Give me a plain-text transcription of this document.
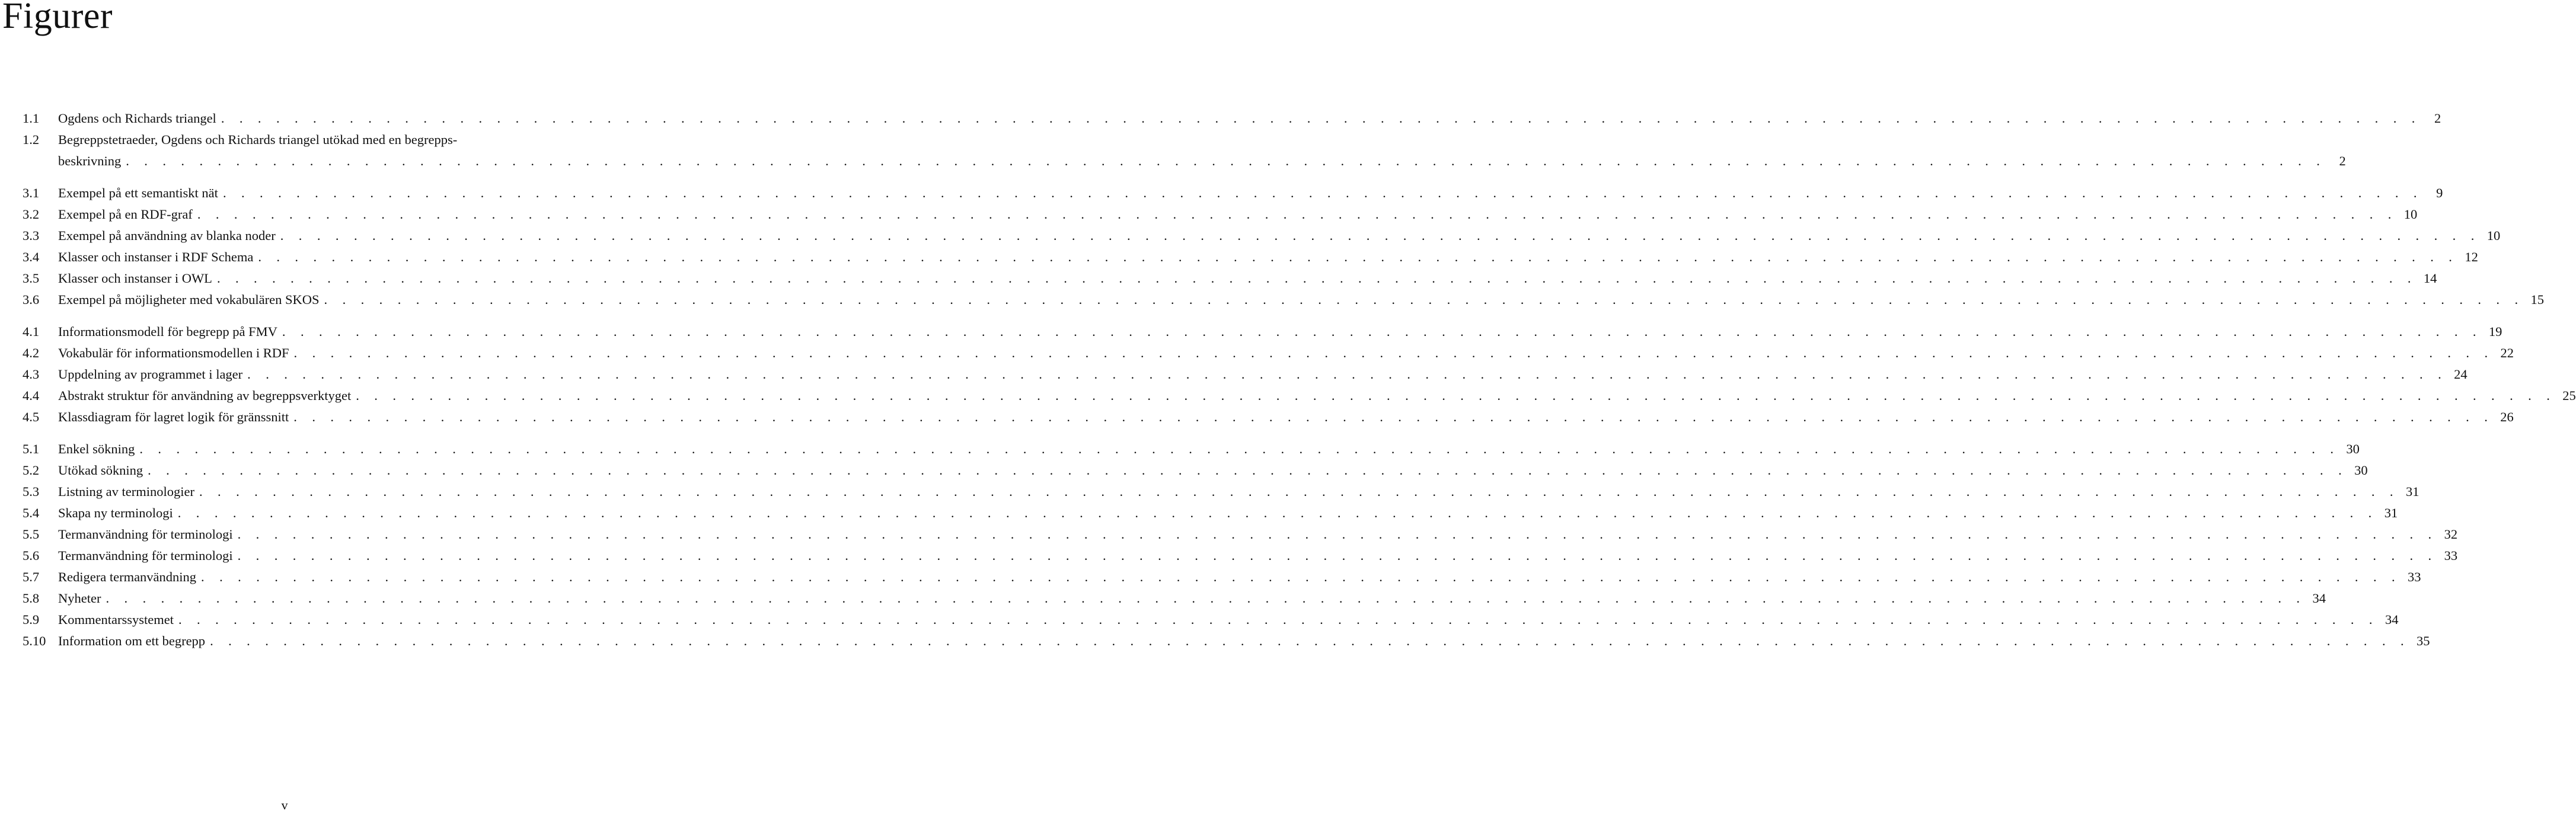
Figurer
1.1	Ogdens och Richards triangel . . . . . . . . . . . . . . . . . . . . . . . . . . . . . . . . . . . . . . . . . . . . . . . . . . . . . . . . . . . . . . . . . . . . . . . . . . . . . . . . . . . . . . . . . . . . . . . . . . . . . . . . . . . . . . . . . . . . . . . .	2
1.2	Begreppstetraeder, Ogdens och Richards triangel utökad med en begrepps-
beskrivning . . . . . . . . . . . . . . . . . . . . . . . . . . . . . . . . . . . . . . . . . . . . . . . . . . . . . . . . . . . . . . . . . . . . . . . . . . . . . . . . . . . . . . . . . . . . . . . . . . . . . . . . . . . . . . . . . . . . . . . .	2
3.1	Exempel på ett semantiskt nät . . . . . . . . . . . . . . . . . . . . . . . . . . . . . . . . . . . . . . . . . . . . . . . . . . . . . . . . . . . . . . . . . . . . . . . . . . . . . . . . . . . . . . . . . . . . . . . . . . . . . . . . . . . . . . . . . . . . . . . .	9
3.2	Exempel på en RDF-graf . . . . . . . . . . . . . . . . . . . . . . . . . . . . . . . . . . . . . . . . . . . . . . . . . . . . . . . . . . . . . . . . . . . . . . . . . . . . . . . . . . . . . . . . . . . . . . . . . . . . . . . . . . . . . . . . . . . . . . . . 10
3.3	Exempel på användning av blanka noder . . . . . . . . . . . . . . . . . . . . . . . . . . . . . . . . . . . . . . . . . . . . . . . . . . . . . . . . . . . . . . . . . . . . . . . . . . . . . . . . . . . . . . . . . . . . . . . . . . . . . . . . . . . . . . . . . . . . . . . . 10
3.4	Klasser och instanser i RDF Schema . . . . . . . . . . . . . . . . . . . . . . . . . . . . . . . . . . . . . . . . . . . . . . . . . . . . . . . . . . . . . . . . . . . . . . . . . . . . . . . . . . . . . . . . . . . . . . . . . . . . . . . . . . . . . . . . . . . . . . . . 12
3.5	Klasser och instanser i OWL . . . . . . . . . . . . . . . . . . . . . . . . . . . . . . . . . . . . . . . . . . . . . . . . . . . . . . . . . . . . . . . . . . . . . . . . . . . . . . . . . . . . . . . . . . . . . . . . . . . . . . . . . . . . . . . . . . . . . . . . 14
3.6	Exempel på möjligheter med vokabulären SKOS . . . . . . . . . . . . . . . . . . . . . . . . . . . . . . . . . . . . . . . . . . . . . . . . . . . . . . . . . . . . . . . . . . . . . . . . . . . . . . . . . . . . . . . . . . . . . . . . . . . . . . . . . . . . . . . . . . . . . . . . 15
4.1	Informationsmodell för begrepp på FMV . . . . . . . . . . . . . . . . . . . . . . . . . . . . . . . . . . . . . . . . . . . . . . . . . . . . . . . . . . . . . . . . . . . . . . . . . . . . . . . . . . . . . . . . . . . . . . . . . . . . . . . . . . . . . . . . . . . . . . . . 19
4.2	Vokabulär för informationsmodellen i RDF . . . . . . . . . . . . . . . . . . . . . . . . . . . . . . . . . . . . . . . . . . . . . . . . . . . . . . . . . . . . . . . . . . . . . . . . . . . . . . . . . . . . . . . . . . . . . . . . . . . . . . . . . . . . . . . . . . . . . . . . 22
4.3	Uppdelning av programmet i lager . . . . . . . . . . . . . . . . . . . . . . . . . . . . . . . . . . . . . . . . . . . . . . . . . . . . . . . . . . . . . . . . . . . . . . . . . . . . . . . . . . . . . . . . . . . . . . . . . . . . . . . . . . . . . . . . . . . . . . . . 24
4.4	Abstrakt struktur för användning av begreppsverktyget . . . . . . . . . . . . . . . . . . . . . . . . . . . . . . . . . . . . . . . . . . . . . . . . . . . . . . . . . . . . . . . . . . . . . . . . . . . . . . . . . . . . . . . . . . . . . . . . . . . . . . . . . . . . . . . . . . . . . . . . 25
4.5	Klassdiagram för lagret logik för gränssnitt . . . . . . . . . . . . . . . . . . . . . . . . . . . . . . . . . . . . . . . . . . . . . . . . . . . . . . . . . . . . . . . . . . . . . . . . . . . . . . . . . . . . . . . . . . . . . . . . . . . . . . . . . . . . . . . . . . . . . . . . 26
5.1	Enkel sökning . . . . . . . . . . . . . . . . . . . . . . . . . . . . . . . . . . . . . . . . . . . . . . . . . . . . . . . . . . . . . . . . . . . . . . . . . . . . . . . . . . . . . . . . . . . . . . . . . . . . . . . . . . . . . . . . . . . . . . . . 30
5.2	Utökad sökning . . . . . . . . . . . . . . . . . . . . . . . . . . . . . . . . . . . . . . . . . . . . . . . . . . . . . . . . . . . . . . . . . . . . . . . . . . . . . . . . . . . . . . . . . . . . . . . . . . . . . . . . . . . . . . . . . . . . . . . . 30
5.3	Listning av terminologier . . . . . . . . . . . . . . . . . . . . . . . . . . . . . . . . . . . . . . . . . . . . . . . . . . . . . . . . . . . . . . . . . . . . . . . . . . . . . . . . . . . . . . . . . . . . . . . . . . . . . . . . . . . . . . . . . . . . . . . . 31
5.4	Skapa ny terminologi . . . . . . . . . . . . . . . . . . . . . . . . . . . . . . . . . . . . . . . . . . . . . . . . . . . . . . . . . . . . . . . . . . . . . . . . . . . . . . . . . . . . . . . . . . . . . . . . . . . . . . . . . . . . . . . . . . . . . . . . 31
5.5	Termanvändning för terminologi . . . . . . . . . . . . . . . . . . . . . . . . . . . . . . . . . . . . . . . . . . . . . . . . . . . . . . . . . . . . . . . . . . . . . . . . . . . . . . . . . . . . . . . . . . . . . . . . . . . . . . . . . . . . . . . . . . . . . . . . 32
5.6	Termanvändning för terminologi . . . . . . . . . . . . . . . . . . . . . . . . . . . . . . . . . . . . . . . . . . . . . . . . . . . . . . . . . . . . . . . . . . . . . . . . . . . . . . . . . . . . . . . . . . . . . . . . . . . . . . . . . . . . . . . . . . . . . . . . 33
5.7	Redigera termanvändning . . . . . . . . . . . . . . . . . . . . . . . . . . . . . . . . . . . . . . . . . . . . . . . . . . . . . . . . . . . . . . . . . . . . . . . . . . . . . . . . . . . . . . . . . . . . . . . . . . . . . . . . . . . . . . . . . . . . . . . . 33
5.8	Nyheter . . . . . . . . . . . . . . . . . . . . . . . . . . . . . . . . . . . . . . . . . . . . . . . . . . . . . . . . . . . . . . . . . . . . . . . . . . . . . . . . . . . . . . . . . . . . . . . . . . . . . . . . . . . . . . . . . . . . . . . . 34
5.9	Kommentarssystemet . . . . . . . . . . . . . . . . . . . . . . . . . . . . . . . . . . . . . . . . . . . . . . . . . . . . . . . . . . . . . . . . . . . . . . . . . . . . . . . . . . . . . . . . . . . . . . . . . . . . . . . . . . . . . . . . . . . . . . . . 34
5.10 Information om ett begrepp . . . . . . . . . . . . . . . . . . . . . . . . . . . . . . . . . . . . . . . . . . . . . . . . . . . . . . . . . . . . . . . . . . . . . . . . . . . . . . . . . . . . . . . . . . . . . . . . . . . . . . . . . . . . . . . . . . . . . . . . 35
v
